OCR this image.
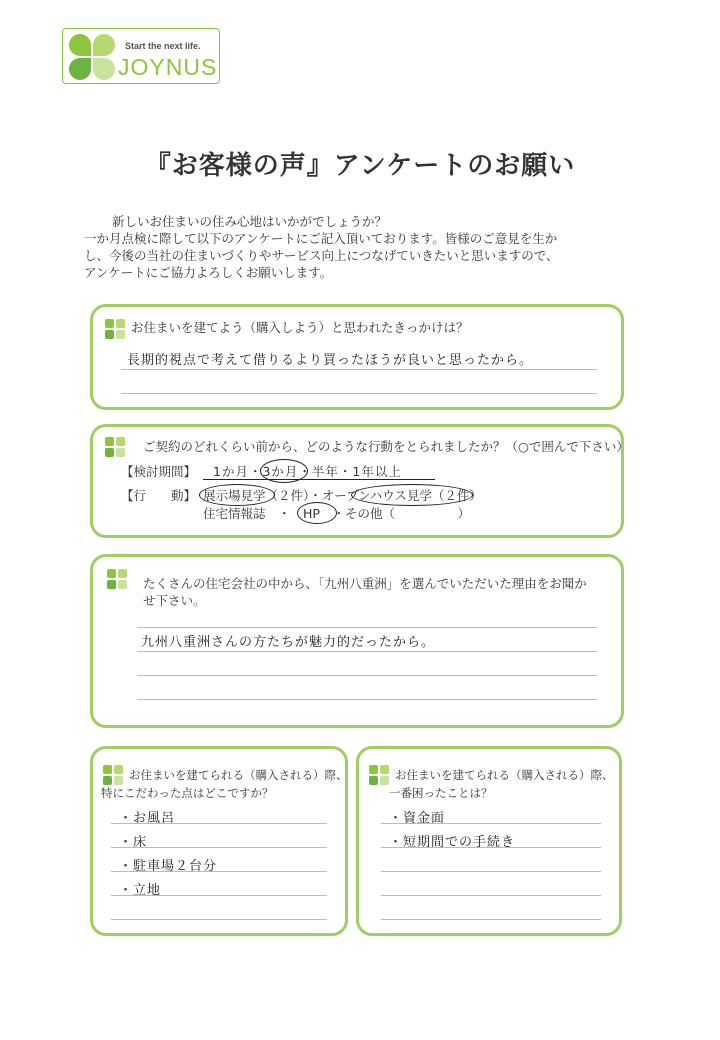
Start the next life.
JOYNUS
『お客様の声』アンケートのお願い
新しいお住まいの住み心地はいかがでしょうか？
一か月点検に際して以下のアンケートにご記入頂いております。皆様のご意見を生か
し、今後の当社の住まいづくりやサービス向上につなげていきたいと思いますので、
アンケートにご協力よろしくお願いします。
お住まいを建てよう（購入しよう）と思われたきっかけは？
長期的視点で考えて借りるより買ったほうが良いと思ったから。
ご契約のどれくらい前から、どのような行動をとられましたか？（○で囲んで下さい）
【検討期間】 1か月・3か月・半年・1年以上
【行　　動】 展示場見学（２件）・オープンハウス見学（２件）
住宅情報誌　・　HP　・その他（　　　　　）
たくさんの住宅会社の中から、「九州八重洲」を選んでいただいた理由をお聞か
せ下さい。
九州八重洲さんの方たちが魅力的だったから。
お住まいを建てられる（購入される）際、
特にこだわった点はどこですか？
・お風呂
・床
・駐車場２台分
・立地
お住まいを建てられる（購入される）際、
一番困ったことは？
・資金面
・短期間での手続き
